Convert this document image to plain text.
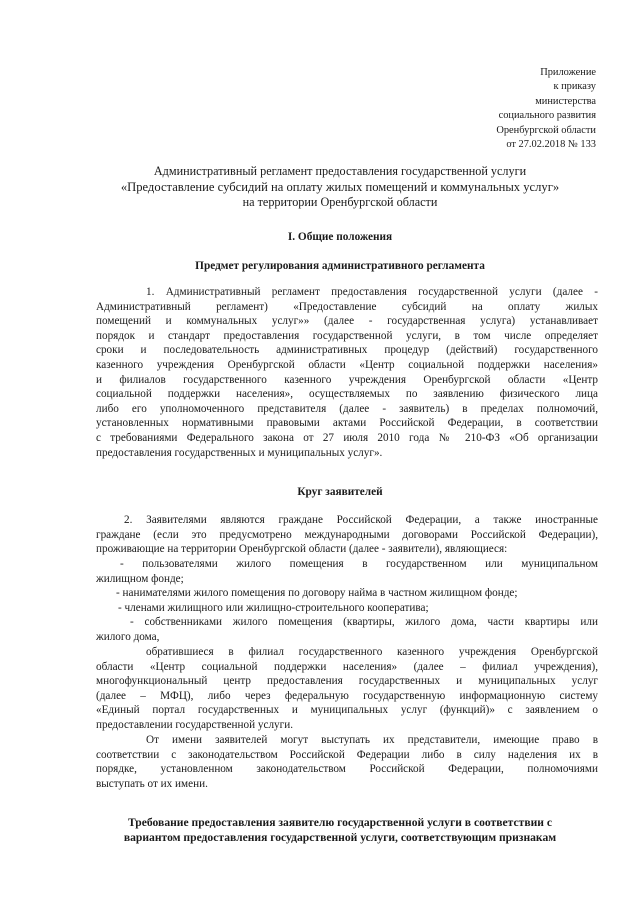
Приложение
к приказу
министерства
социального развития
Оренбургской области
от 27.02.2018 № 133
Административный регламент предоставления государственной услуги
«Предоставление субсидий на оплату жилых помещений и коммунальных услуг»
на территории Оренбургской области
I. Общие положения
Предмет регулирования административного регламента
1. Административный регламент предоставления государственной услуги (далее -
Административный регламент) «Предоставление субсидий на оплату жилых
помещений и коммунальных услуг»» (далее - государственная услуга) устанавливает
порядок и стандарт предоставления государственной услуги, в том числе определяет
сроки и последовательность административных процедур (действий) государственного
казенного учреждения Оренбургской области «Центр социальной поддержки населения»
и филиалов государственного казенного учреждения Оренбургской области «Центр
социальной поддержки населения», осуществляемых по заявлению физического лица
либо его уполномоченного представителя (далее - заявитель) в пределах полномочий,
установленных нормативными правовыми актами Российской Федерации, в соответствии
с требованиями Федерального закона от 27 июля 2010 года № 210-ФЗ «Об организации
предоставления государственных и муниципальных услуг».
Круг заявителей
2. Заявителями являются граждане Российской Федерации, а также иностранные
граждане (если это предусмотрено международными договорами Российской Федерации),
проживающие на территории Оренбургской области (далее - заявители), являющиеся:
- пользователями жилого помещения в государственном или муниципальном
жилищном фонде;
- нанимателями жилого помещения по договору найма в частном жилищном фонде;
- членами жилищного или жилищно-строительного кооператива;
- собственниками жилого помещения (квартиры, жилого дома, части квартиры или
жилого дома,
обратившиеся в филиал государственного казенного учреждения Оренбургской
области «Центр социальной поддержки населения» (далее – филиал учреждения),
многофункциональный центр предоставления государственных и муниципальных услуг
(далее – МФЦ), либо через федеральную государственную информационную систему
«Единый портал государственных и муниципальных услуг (функций)» с заявлением о
предоставлении государственной услуги.
От имени заявителей могут выступать их представители, имеющие право в
соответствии с законодательством Российской Федерации либо в силу наделения их в
порядке, установленном законодательством Российской Федерации, полномочиями
выступать от их имени.
Требование предоставления заявителю государственной услуги в соответствии с
вариантом предоставления государственной услуги, соответствующим признакам
